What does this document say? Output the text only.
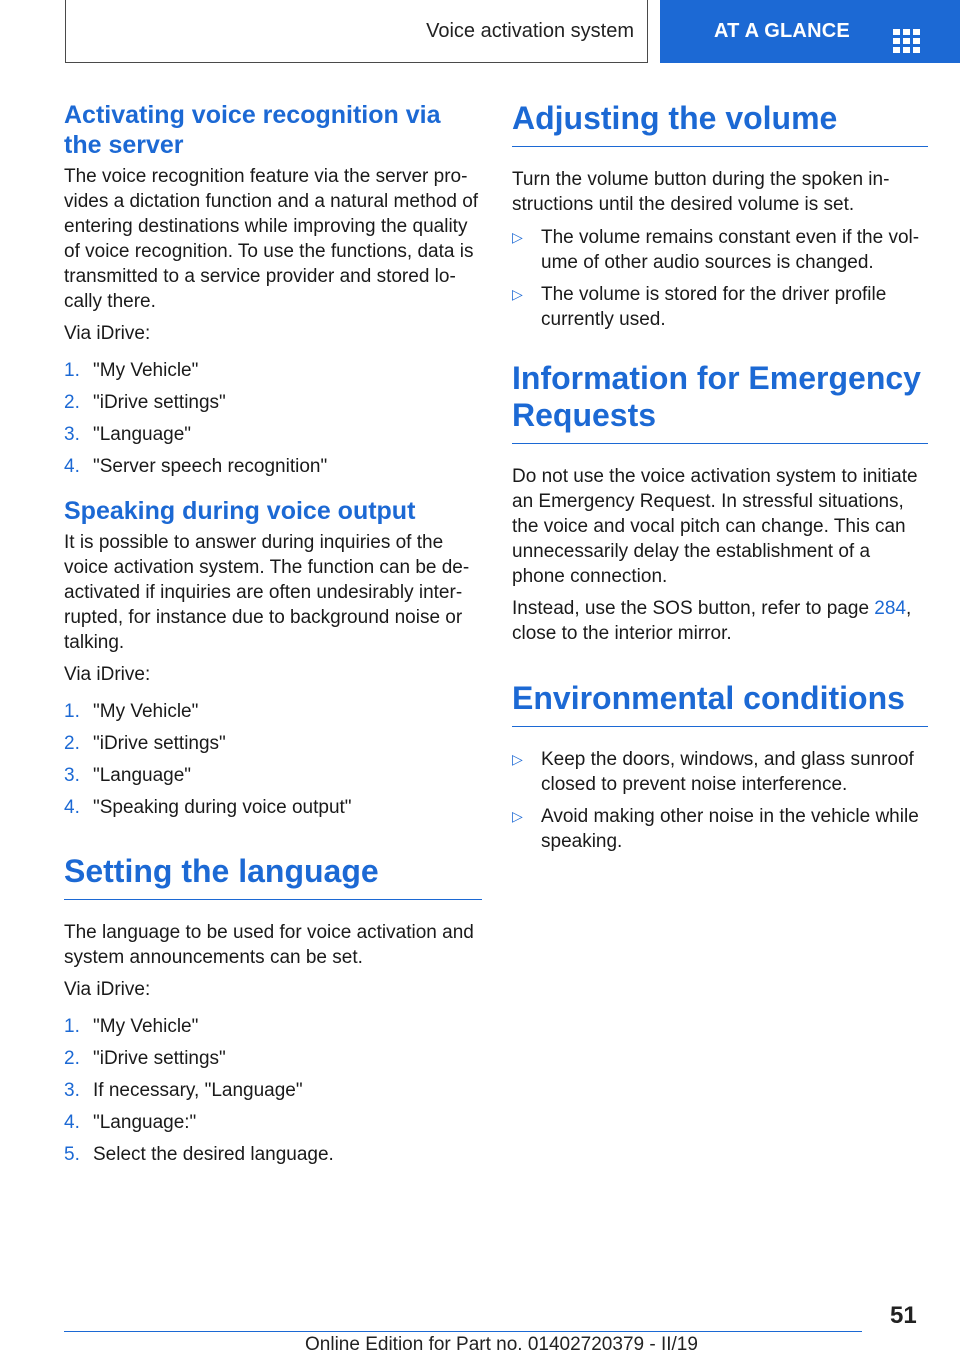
Voice activation system	AT A GLANCE
Activating voice recognition via the server

The voice recognition feature via the server pro-vides a dictation function and a natural method of entering destinations while improving the quality of voice recognition. To use the functions, data is transmitted to a service provider and stored lo-cally there.

Via iDrive:

1. "My Vehicle"
2. "iDrive settings"
3. "Language"
4. "Server speech recognition"
Speaking during voice output

It is possible to answer during inquiries of the voice activation system. The function can be de-activated if inquiries are often undesirably inter-rupted, for instance due to background noise or talking.

Via iDrive:

1. "My Vehicle"
2. "iDrive settings"
3. "Language"
4. "Speaking during voice output"
Setting the language

The language to be used for voice activation and system announcements can be set.

Via iDrive:

1. "My Vehicle"
2. "iDrive settings"
3. If necessary, "Language"
4. "Language:"
5. Select the desired language.
Adjusting the volume

Turn the volume button during the spoken in-structions until the desired volume is set.

▷ The volume remains constant even if the vol-ume of other audio sources is changed.
▷ The volume is stored for the driver profile currently used.
Information for Emergency Requests

Do not use the voice activation system to initiate an Emergency Request. In stressful situations, the voice and vocal pitch can change. This can unnecessarily delay the establishment of a phone connection.

Instead, use the SOS button, refer to page 284, close to the interior mirror.

Environmental conditions
▷ Keep the doors, windows, and glass sunroof closed to prevent noise interference.
▷ Avoid making other noise in the vehicle while speaking.
51
Online Edition for Part no. 01402720379 - II/19
